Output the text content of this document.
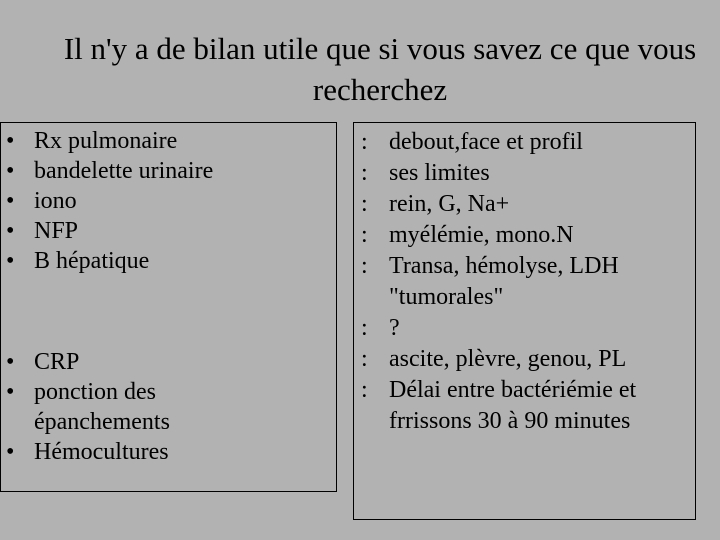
Il n'y a de bilan utile que si vous savez ce que vous recherchez
• Rx pulmonaire
• bandelette urinaire
• iono
• NFP
• B hépatique
• CRP
• ponction des épanchements
• Hémocultures
: debout,face et profil
: ses limites
: rein, G, Na+
: myélémie, mono.N
: Transa, hémolyse, LDH "tumorales"
: ?
: ascite, plèvre, genou, PL
: Délai entre bactériémie et frrissons 30 à 90 minutes
